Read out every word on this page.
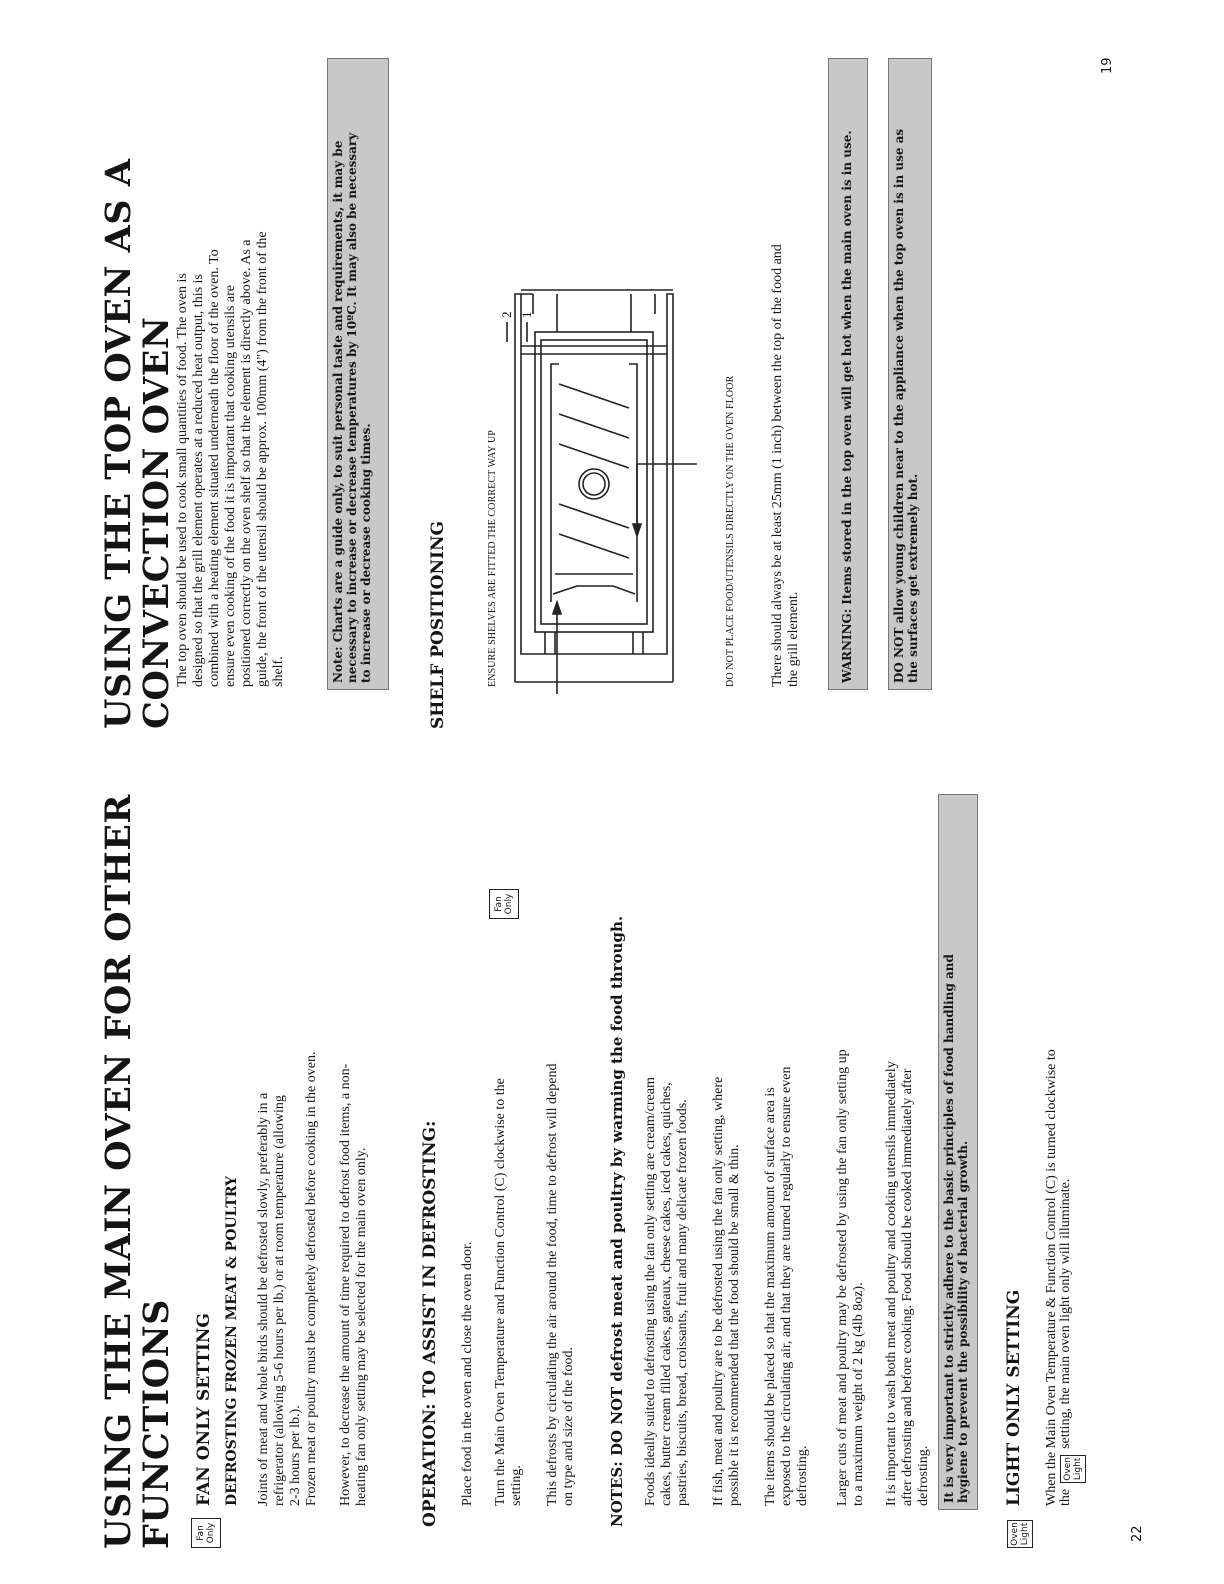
USING THE MAIN OVEN FOR OTHER
FUNCTIONS Fan Only
FAN ONLY SETTING DEFROSTING FROZEN MEAT & POULTRY Joints of meat and whole birds should be defrosted slowly, preferably in a refrigerator (allowing 5-6 hours per lb.) or at room temperature (allowing 2-3 hours per lb.). Frozen meat or poultry must be completely defrosted before cooking in the oven. However, to decrease the amount of time required to defrost food items, a non- heating fan only setting may be selected for the main oven only.	OPERATION: TO ASSIST IN DEFROSTING: Place food in the oven and close the oven door. Turn the Main Oven Temperature and Function Control (C) clockwise to the setting.

Fan Only

This defrosts by circulating the air around the food, time to defrost will depend on type and size of the food. NOTES: DO NOT defrost meat and poultry by warming the food through. Foods ideally suited to defrosting using the fan only setting are cream/cream cakes, butter cream filled cakes, gateaux, cheese cakes, iced cakes, quiches, pastries, biscuits, bread, croissants, fruit and many delicate frozen foods. If fish, meat and poultry are to be defrosted using the fan only setting, where possible it is recommended that the food should be small & thin. The items should be placed so that the maximum amount of surface area is exposed to the circulating air, and that they are turned regularly to ensure even defrosting. Larger cuts of meat and poultry may be defrosted by using the fan only setting up to a maximum weight of 2 kg (4lb 8oz). It is important to wash both meat and poultry and cooking utensils immediately after defrosting and before cooking. Food should be cooked immediately after defrosting. It is very important to strictly adhere to the basic principles of food handling and hygiene to prevent the possibility of bacterial growth.
Oven Light
LIGHT ONLY SETTING When the Main Oven Temperature & Function Control (C) is turned clockwise to the

Oven Light

setting, the main oven light only will illuminate.

22
USING THE TOP OVEN AS A
CONVECTION OVEN

The top oven should be used to cook small quantities of food. The oven is designed so that the grill element operates at a reduced heat output, this is combined with a heating element situated underneath the floor of the oven. To ensure even cooking of the food it is important that cooking utensils are positioned correctly on the oven shelf so that the element is directly above. As a guide, the front of the utensil should be approx. 100mm (4") from the front of the shelf.	Note: Charts are a guide only, to suit personal taste and requirements, it may be necessary to increase or decrease temperatures by 10ºC. It may also be necessary to increase or decrease cooking times.	SHELF POSITIONING	ENSURE SHELVES ARE FITTED THE CORRECT WAY UP
2 1
DO NOT PLACE FOOD/UTENSILS DIRECTLY ON THE OVEN FLOOR There should always be at least 25mm (1 inch) between the top of the food and the grill element.	WARNING: Items stored in the top oven will get hot when the main oven is in use.	DO NOT allow young children near to the appliance when the top oven is in use as the surfaces get extremely hot.
19
